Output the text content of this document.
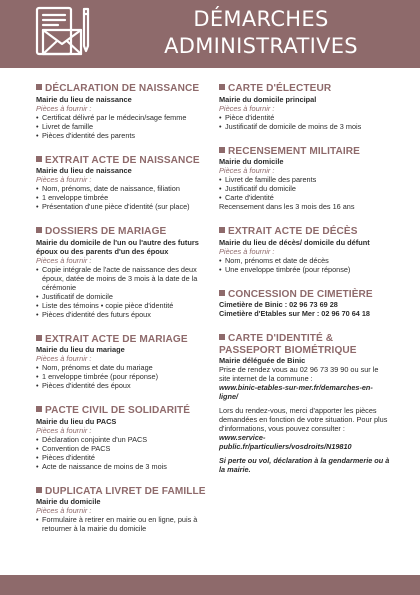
DÉMARCHES
ADMINISTRATIVES
DÉCLARATION DE NAISSANCE
Mairie du lieu de naissance
Pièces à fournir :
• Certificat délivré par le médecin/sage femme
• Livret de famille
• Pièces d'identité des parents
EXTRAIT ACTE DE NAISSANCE
Mairie du lieu de naissance
Pièces à fournir :
• Nom, prénoms, date de naissance, filiation
• 1 enveloppe timbrée
• Présentation d'une pièce d'identité (sur place)
DOSSIERS DE MARIAGE
Mairie du domicile de l'un ou l'autre des futurs époux ou des parents d'un des époux
Pièces à fournir :
• Copie intégrale de l'acte de naissance des deux époux, datée de moins de 3 mois à la date de la cérémonie
• Justificatif de domicile
• Liste des témoins • copie pièce d'identité
• Pièces d'identité des futurs époux
EXTRAIT ACTE DE MARIAGE
Mairie du lieu du mariage
Pièces à fournir :
• Nom, prénoms et date du mariage
• 1 enveloppe timbrée (pour réponse)
• Pièces d'identité des époux
PACTE CIVIL DE SOLIDARITÉ
Mairie du lieu du PACS
Pièces à fournir :
• Déclaration conjointe d'un PACS
• Convention de PACS
• Pièces d'identité
• Acte de naissance de moins de 3 mois
DUPLICATA LIVRET DE FAMILLE
Mairie du domicile
Pièces à fournir :
• Formulaire à retirer en mairie ou en ligne, puis à retourner à la mairie du domicile
CARTE D'ÉLECTEUR
Mairie du domicile principal
Pièces à fournir :
• Pièce d'identité
• Justificatif de domicile de moins de 3 mois
RECENSEMENT MILITAIRE
Mairie du domicile
Pièces à fournir :
• Livret de famille des parents
• Justificatif du domicile
• Carte d'identité
Recensement dans les 3 mois des 16 ans
EXTRAIT ACTE DE DÉCÈS
Mairie du lieu de décès/ domicile du défunt
Pièces à fournir :
• Nom, prénoms et date de décès
• Une enveloppe timbrée (pour réponse)
CONCESSION DE CIMETIÈRE
Cimetière de Binic : 02 96 73 69 28
Cimetière d'Etables sur Mer : 02 96 70 64 18
CARTE D'IDENTITÉ &
PASSEPORT BIOMÉTRIQUE
Mairie déléguée de Binic
Prise de rendez vous au 02 96 73 39 90 ou sur le site internet de la commune :
www.binic-etables-sur-mer.fr/demarches-en-ligne/
Lors du rendez-vous, merci d'apporter les pièces demandées en fonction de votre situation. Pour plus d'informations, vous pouvez consulter :
www.service-public.fr/particuliers/vosdroits/N19810
Si perte ou vol, déclaration à la gendarmerie ou à la mairie.
